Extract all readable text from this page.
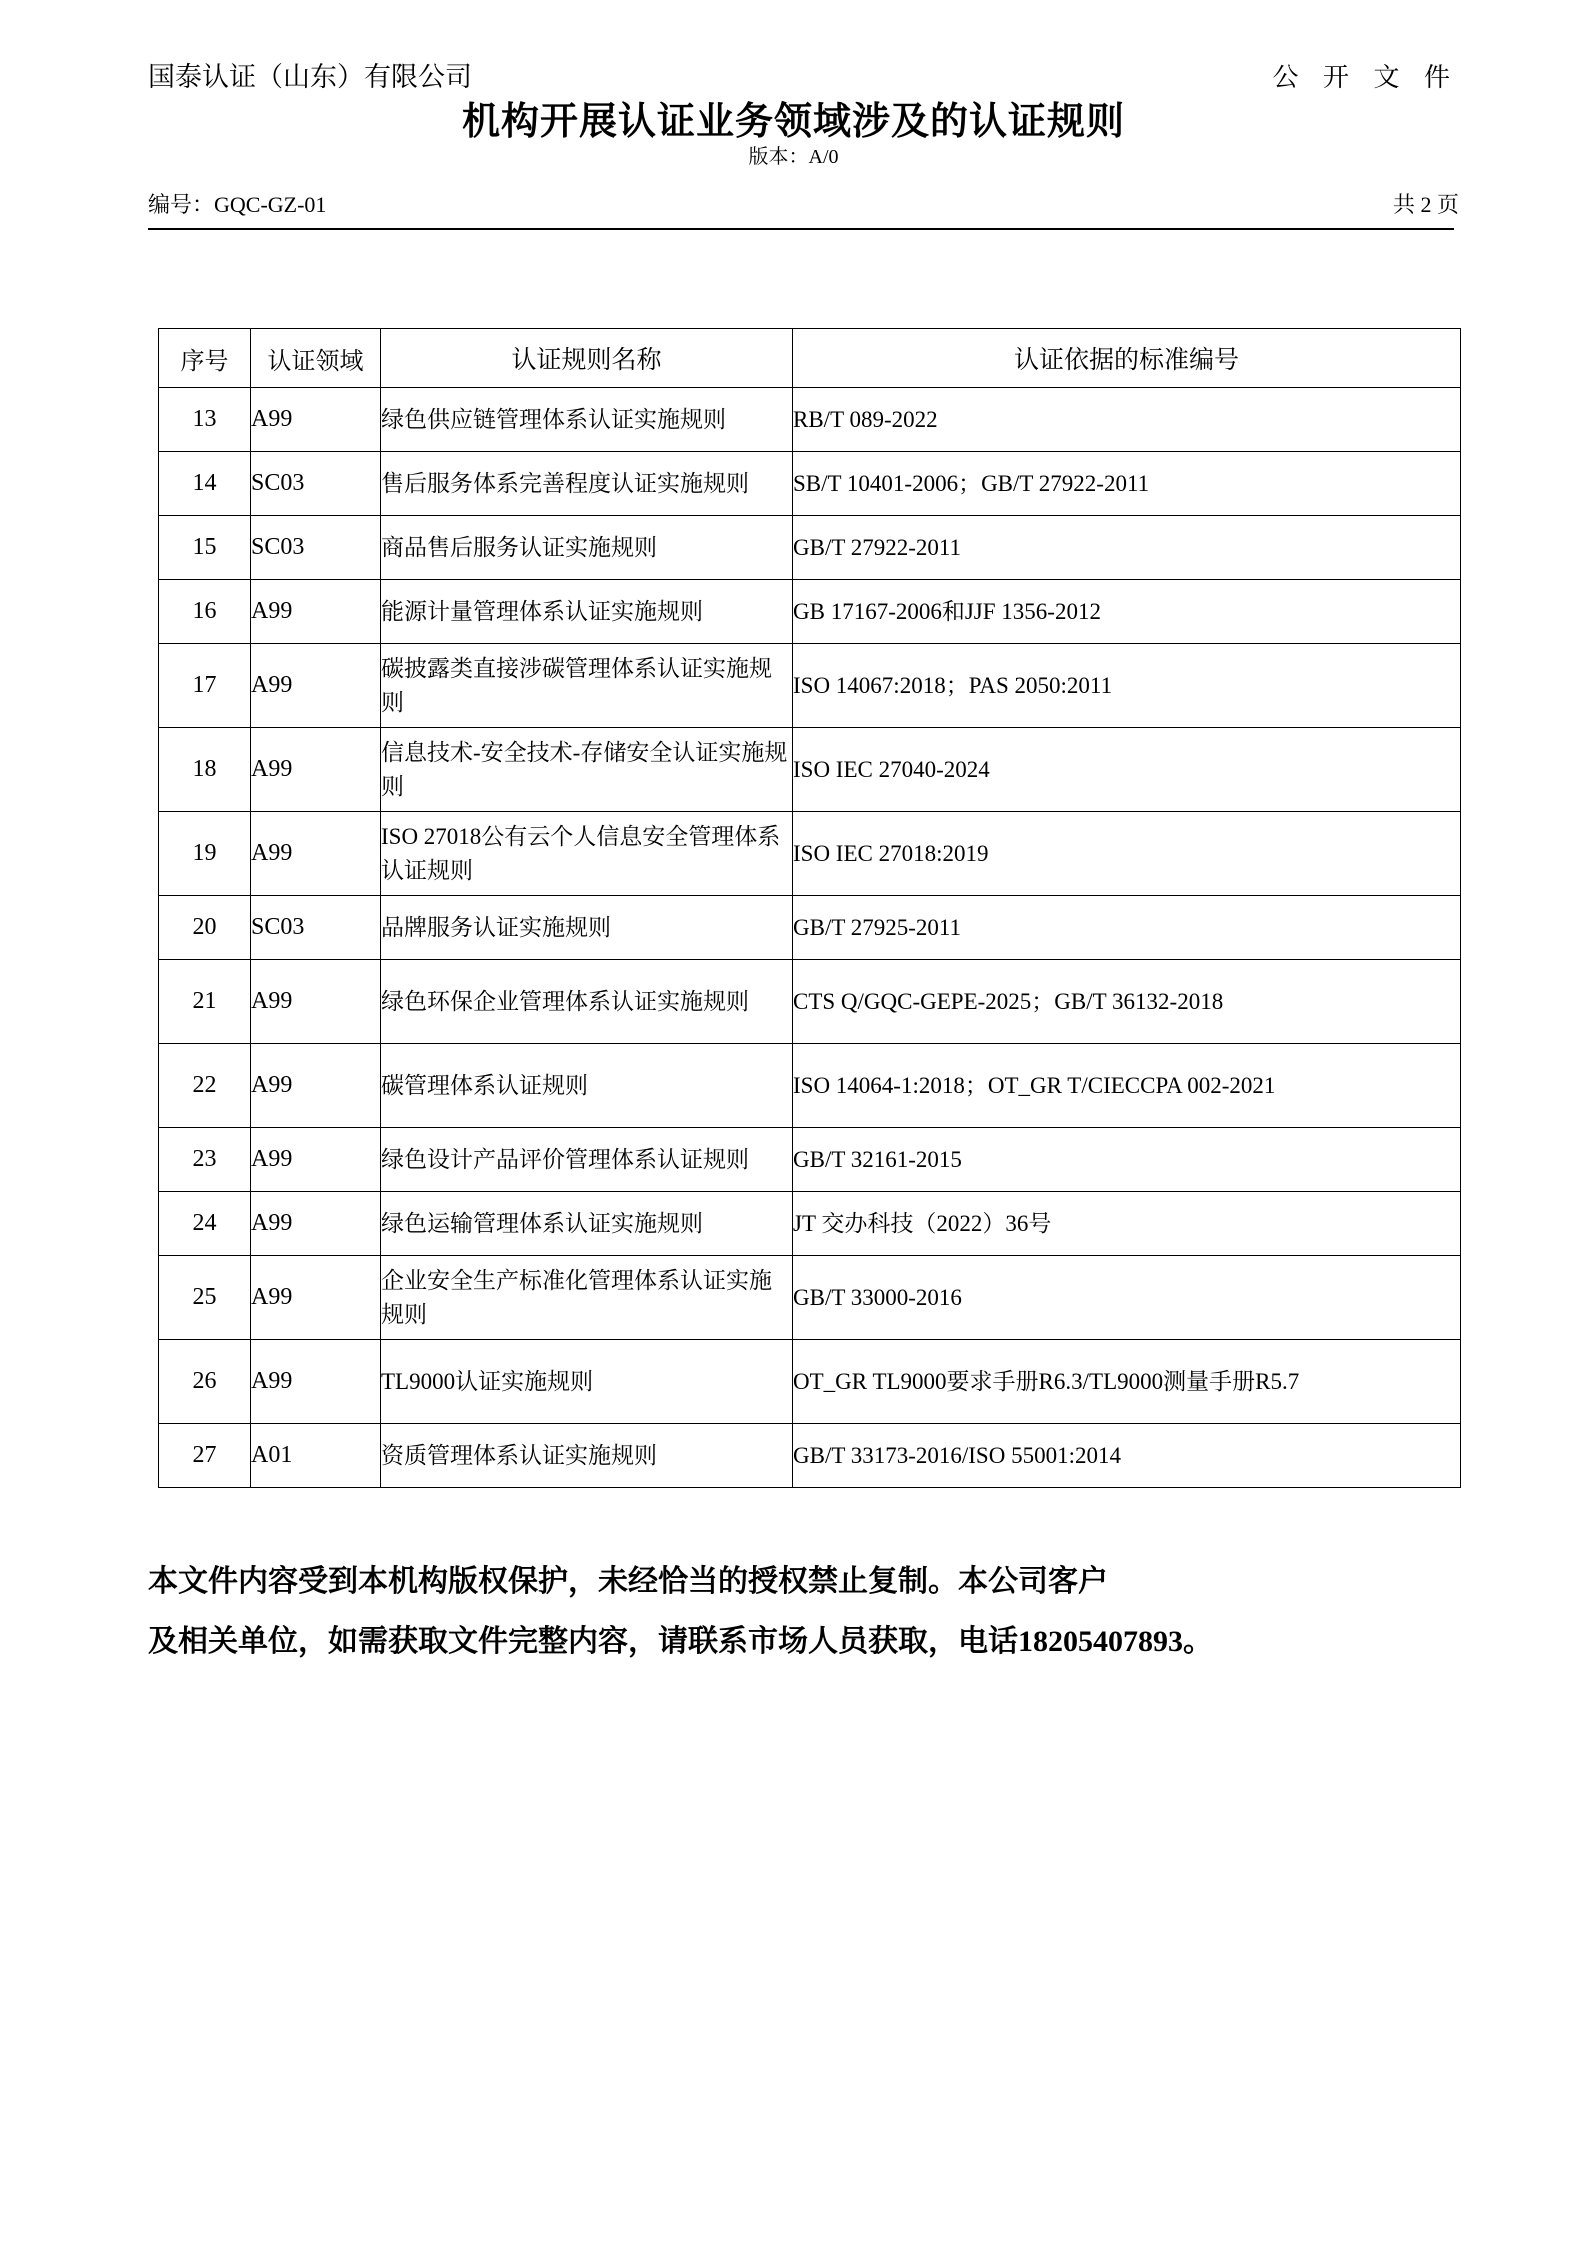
国泰认证（山东）有限公司	公 开 文 件
机构开展认证业务领域涉及的认证规则
版本：A/0
编号：GQC-GZ-01	共 2 页
序号	认证领域	认证规则名称	认证依据的标准编号
13	A99	绿色供应链管理体系认证实施规则	RB/T 089-2022
14	SC03	售后服务体系完善程度认证实施规则	SB/T 10401-2006；GB/T 27922-2011
15	SC03	商品售后服务认证实施规则	GB/T 27922-2011
16	A99	能源计量管理体系认证实施规则	GB 17167-2006和JJF 1356-2012
17	A99	碳披露类直接涉碳管理体系认证实施规则	ISO 14067:2018；PAS 2050:2011
18	A99	信息技术-安全技术-存储安全认证实施规则	ISO IEC 27040-2024
19	A99	ISO 27018公有云个人信息安全管理体系认证规则	ISO IEC 27018:2019
20	SC03	品牌服务认证实施规则	GB/T 27925-2011
21	A99	绿色环保企业管理体系认证实施规则	CTS Q/GQC-GEPE-2025；GB/T 36132-2018
22	A99	碳管理体系认证规则	ISO 14064-1:2018；OT_GR T/CIECCPA 002-2021
23	A99	绿色设计产品评价管理体系认证规则	GB/T 32161-2015
24	A99	绿色运输管理体系认证实施规则	JT 交办科技（2022）36号
25	A99	企业安全生产标准化管理体系认证实施规则	GB/T 33000-2016
26	A99	TL9000认证实施规则	OT_GR TL9000要求手册R6.3/TL9000测量手册R5.7
27	A01	资质管理体系认证实施规则	GB/T 33173-2016/ISO 55001:2014
本文件内容受到本机构版权保护，未经恰当的授权禁止复制。本公司客户
及相关单位，如需获取文件完整内容，请联系市场人员获取，电话18205407893。
